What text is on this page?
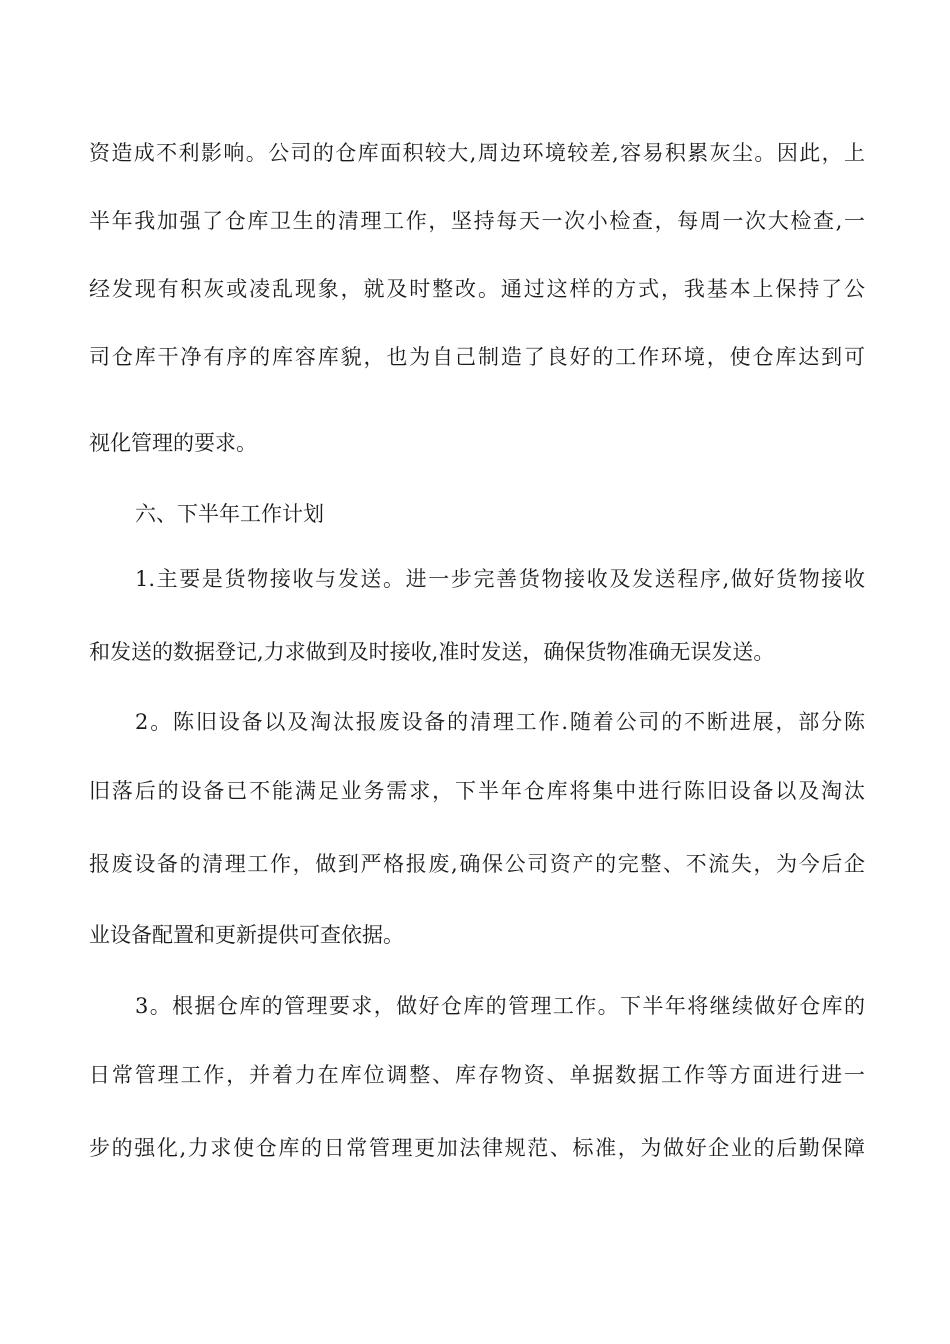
资造成不利影响。公司的仓库面积较大,周边环境较差,容易积累灰尘。因此，上
半年我加强了仓库卫生的清理工作，坚持每天一次小检查，每周一次大检查,一
经发现有积灰或凌乱现象，就及时整改。通过这样的方式，我基本上保持了公
司仓库干净有序的库容库貌，也为自己制造了良好的工作环境，使仓库达到可
视化管理的要求。
六、下半年工作计划
1.主要是货物接收与发送。进一步完善货物接收及发送程序,做好货物接收
和发送的数据登记,力求做到及时接收,准时发送，确保货物准确无误发送。
2。陈旧设备以及淘汰报废设备的清理工作.随着公司的不断进展，部分陈
旧落后的设备已不能满足业务需求，下半年仓库将集中进行陈旧设备以及淘汰
报废设备的清理工作，做到严格报废,确保公司资产的完整、不流失，为今后企
业设备配置和更新提供可查依据。
3。根据仓库的管理要求，做好仓库的管理工作。下半年将继续做好仓库的
日常管理工作，并着力在库位调整、库存物资、单据数据工作等方面进行进一
步的强化,力求使仓库的日常管理更加法律规范、标准，为做好企业的后勤保障
